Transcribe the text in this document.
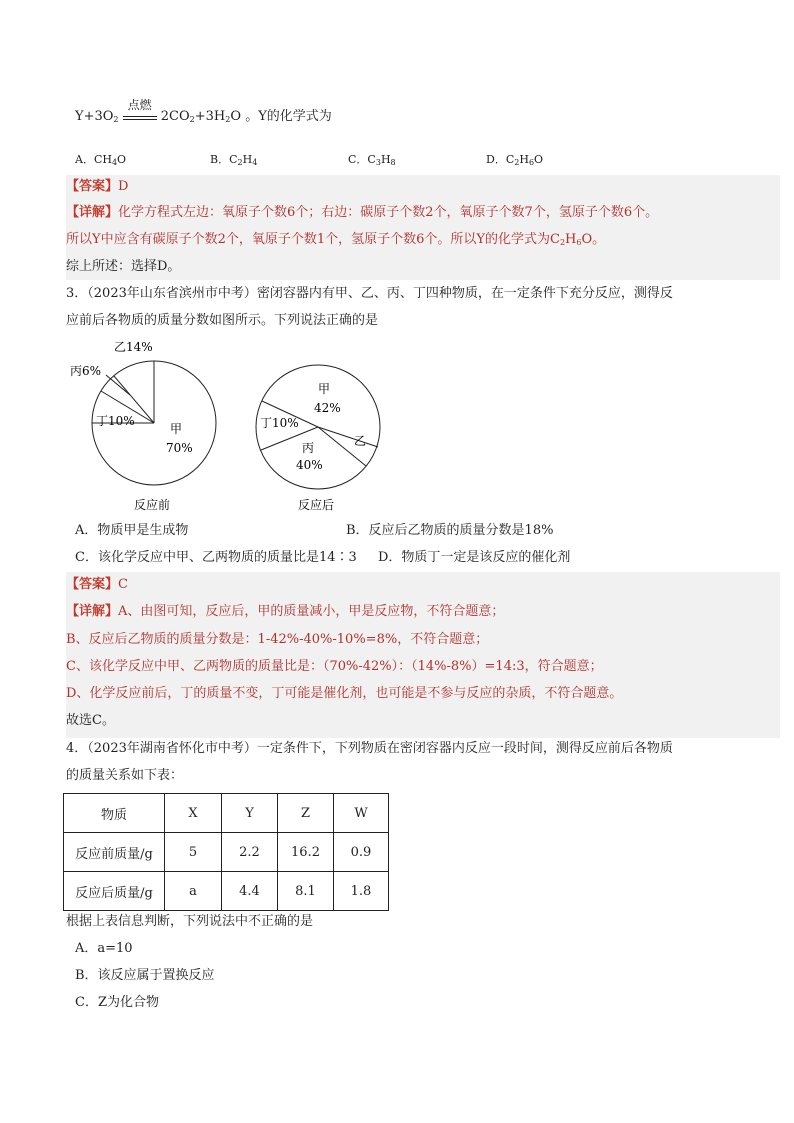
$Y+3O_2$
点燃
$2CO_2+3H_2O$ 。Y的化学式为
A．$CH_4O$	B．$C_2H_4$	C．$C_3H_8$	D．$C_2H_6O$
【答案】D
【详解】化学方程式左边：氧原子个数6个；右边：碳原子个数2个，氧原子个数7个，氢原子个数6个。
所以Y中应含有碳原子个数2个，氧原子个数1个，氢原子个数6个。所以Y的化学式为$C_2H_6O$。
综上所述：选择D。
3．（2023年山东省滨州市中考）密闭容器内有甲、乙、丙、丁四种物质，在一定条件下充分反应，测得反
应前后各物质的质量分数如图所示。下列说法正确的是
乙14%
丙6%
丁10%
甲
70%
反应前
甲
42%
丁10%
乙
丙
40%
反应后
A．物质甲是生成物	B．反应后乙物质的质量分数是18%
C．该化学反应中甲、乙两物质的质量比是14∶3 D．物质丁一定是该反应的催化剂
【答案】C
【详解】A、由图可知，反应后，甲的质量减小，甲是反应物，不符合题意；
B、反应后乙物质的质量分数是：1-42%-40%-10%=8%，不符合题意；
C、该化学反应中甲、乙两物质的质量比是：（70%-42%）：（14%-8%）=14:3，符合题意；
D、化学反应前后，丁的质量不变，丁可能是催化剂，也可能是不参与反应的杂质，不符合题意。
故选C。
4．（2023年湖南省怀化市中考）一定条件下，下列物质在密闭容器内反应一段时间，测得反应前后各物质
的质量关系如下表：
物质	X	Y	Z	W
反应前质量/g	5	2.2	16.2	0.9
反应后质量/g	a	4.4	8.1	1.8
根据上表信息判断，下列说法中不正确的是
A．a=10
B．该反应属于置换反应
C．Z为化合物
